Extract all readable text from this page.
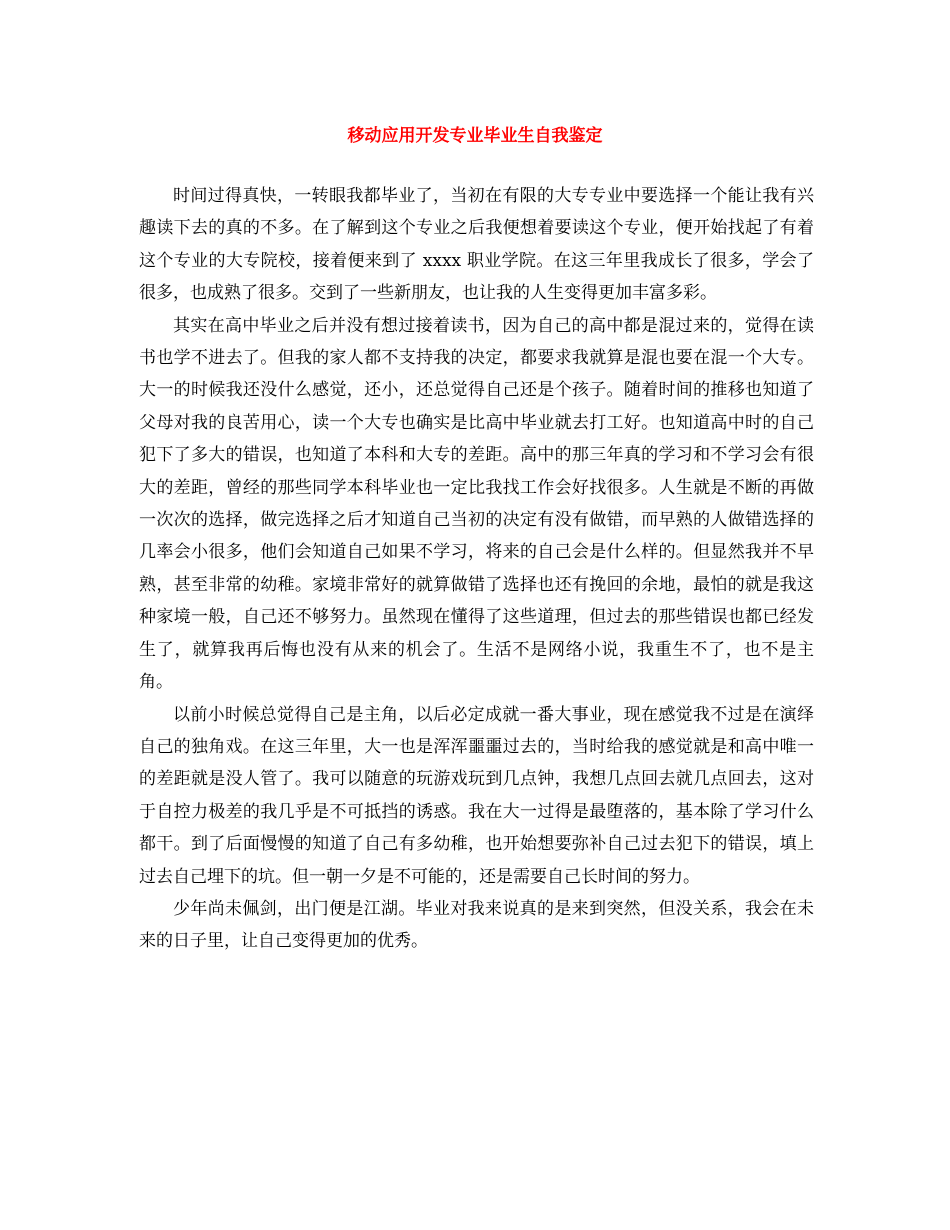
移动应用开发专业毕业生自我鉴定

时间过得真快，一转眼我都毕业了，当初在有限的大专专业中要选择一个能让我有兴趣读下去的真的不多。在了解到这个专业之后我便想着要读这个专业，便开始找起了有着这个专业的大专院校，接着便来到了 xxxx 职业学院。在这三年里我成长了很多，学会了很多，也成熟了很多。交到了一些新朋友，也让我的人生变得更加丰富多彩。

其实在高中毕业之后并没有想过接着读书，因为自己的高中都是混过来的，觉得在读书也学不进去了。但我的家人都不支持我的决定，都要求我就算是混也要在混一个大专。大一的时候我还没什么感觉，还小，还总觉得自己还是个孩子。随着时间的推移也知道了父母对我的良苦用心，读一个大专也确实是比高中毕业就去打工好。也知道高中时的自己犯下了多大的错误，也知道了本科和大专的差距。高中的那三年真的学习和不学习会有很大的差距，曾经的那些同学本科毕业也一定比我找工作会好找很多。人生就是不断的再做一次次的选择，做完选择之后才知道自己当初的决定有没有做错，而早熟的人做错选择的几率会小很多，他们会知道自己如果不学习，将来的自己会是什么样的。但显然我并不早熟，甚至非常的幼稚。家境非常好的就算做错了选择也还有挽回的余地，最怕的就是我这种家境一般，自己还不够努力。虽然现在懂得了这些道理，但过去的那些错误也都已经发生了，就算我再后悔也没有从来的机会了。生活不是网络小说，我重生不了，也不是主角。

以前小时候总觉得自己是主角，以后必定成就一番大事业，现在感觉我不过是在演绎自己的独角戏。在这三年里，大一也是浑浑噩噩过去的，当时给我的感觉就是和高中唯一的差距就是没人管了。我可以随意的玩游戏玩到几点钟，我想几点回去就几点回去，这对于自控力极差的我几乎是不可抵挡的诱惑。我在大一过得是最堕落的，基本除了学习什么都干。到了后面慢慢的知道了自己有多幼稚，也开始想要弥补自己过去犯下的错误，填上过去自己埋下的坑。但一朝一夕是不可能的，还是需要自己长时间的努力。

少年尚未佩剑，出门便是江湖。毕业对我来说真的是来到突然，但没关系，我会在未来的日子里，让自己变得更加的优秀。
